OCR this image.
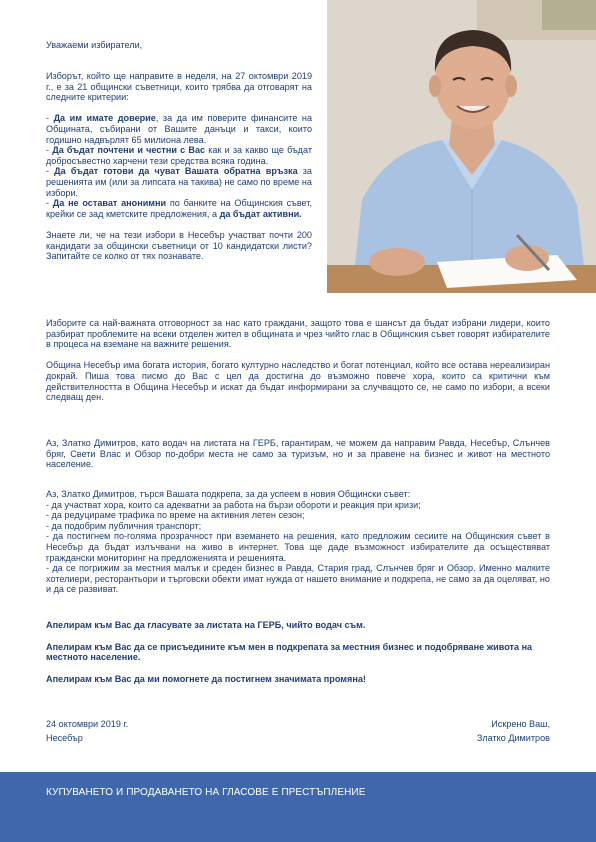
Уважаеми избиратели,

Изборът, който ще направите в неделя, на 27 октомври 2019 г., е за 21 общински съветници, които трябва да отговарят на следните критерии:

- Да им имате доверие, за да им поверите финансите на Общината, събирани от Вашите данъци и такси, които годишно надвърлят 65 милиона лева.
- Да бъдат почтени и честни с Вас как и за какво ще бъдат добросъвестно харчени тези средства всяка година.
- Да бъдат готови да чуват Вашата обратна връзка за решенията им (или за липсата на такива) не само по време на избори.
- Да не остават анонимни по банките на Общинския съвет, крейки се зад кметските предложения, а да бъдат активни.

Знаете ли, че на тези избори в Несебър участват почти 200 кандидати за общински съветници от 10 кандидатски листи? Запитайте се колко от тях познавате.

Изборите са най-важната отговорност за нас като граждани, защото това е шансът да бъдат избрани лидери, които разбират проблемите на всеки отделен жител в общината и чрез чийто глас в Общинския съвет говорят избирателите в процеса на вземане на важните решения.

Община Несебър има богата история, богато културно наследство и богат потенциал, който все остава нереализиран докрай. Пиша това писмо до Вас с цел да достигна до възможно повече хора, които са критични към действителността в Община Несебър и искат да бъдат информирани за случващото се, не само по избори, а всеки следващ ден.

Аз, Златко Димитров, като водач на листата на ГЕРБ, гарантирам, че можем да направим Равда, Несебър, Слънчев бряг, Свети Влас и Обзор по-добри места не само за туризъм, но и за правене на бизнес и живот на местното население.

Аз, Златко Димитров, търся Вашата подкрепа, за да успеем в новия Общински съвет:
- да участват хора, които са адекватни за работа на бързи обороти и реакция при кризи;
- да редуцираме трафика по време на активния летен сезон;
- да подобрим публичния транспорт;
- да постигнем по-голяма прозрачност при вземането на решения, като предложим сесиите на Общинския съвет в Несебър да бъдат излъчвани на живо в интернет. Това ще даде възможност избирателите да осъществяват граждански мониторинг на предложенията и решенията.
- да се погрижим за местния малък и среден бизнес в Равда, Стария град, Слънчев бряг и Обзор. Именно малките хотелиери, ресторантьори и търговски обекти имат нужда от нашето внимание и подкрепа, не само за да оцеляват, но и да се развиват.

Апелирам към Вас да гласувате за листата на ГЕРБ, чийто водач съм.

Апелирам към Вас да се присъедините към мен в подкрепата за местния бизнес и подобряване живота на местното население.

Апелирам към Вас да ми помогнете да постигнем значимата промяна!

24 октомври 2019 г.
Несебър
Искрено Ваш,
Златко Димитров
КУПУВАНЕТО И ПРОДАВАНЕТО НА ГЛАСОВЕ Е ПРЕСТЪПЛЕНИЕ
